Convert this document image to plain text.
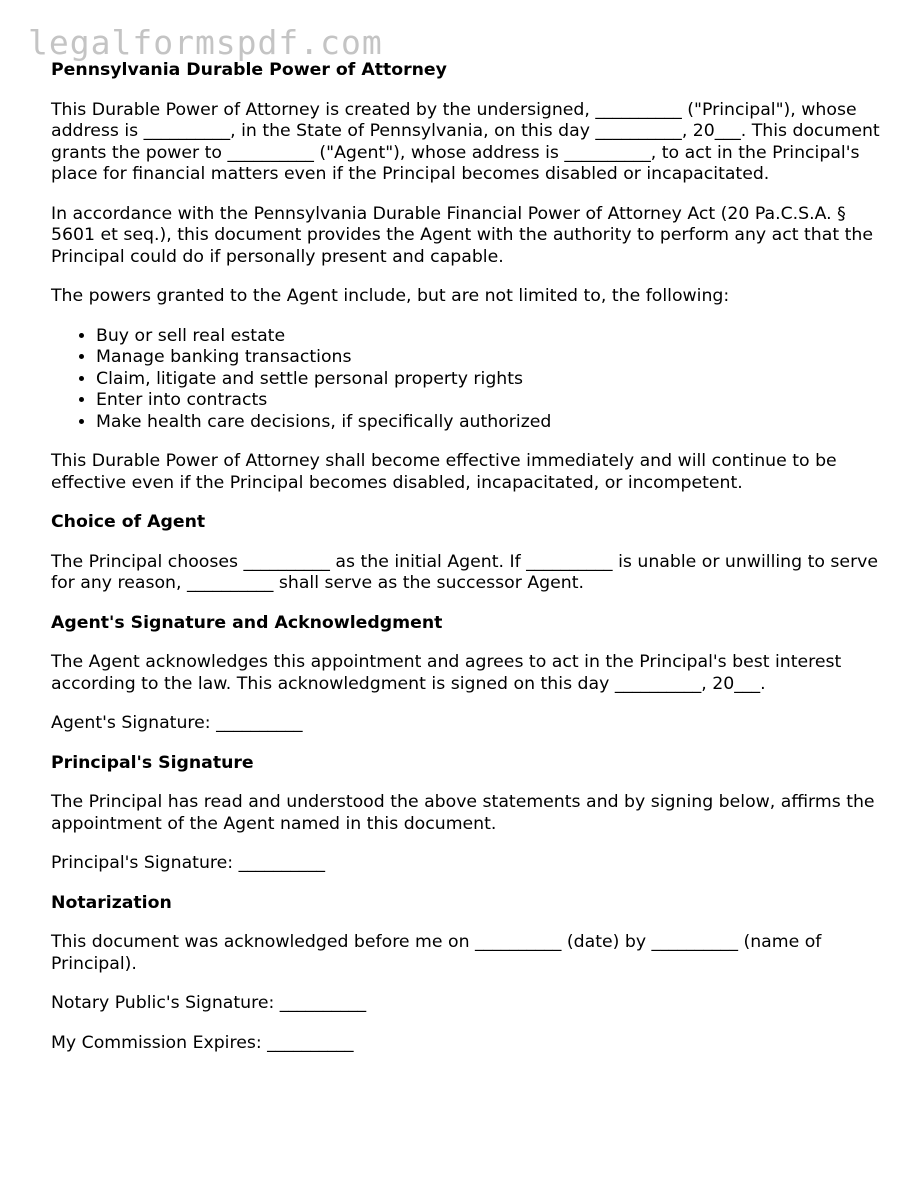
legalformspdf.com
Pennsylvania Durable Power of Attorney

This Durable Power of Attorney is created by the undersigned, __________ ("Principal"), whose address is __________, in the State of Pennsylvania, on this day __________, 20___. This document grants the power to __________ ("Agent"), whose address is __________, to act in the Principal's place for financial matters even if the Principal becomes disabled or incapacitated.

In accordance with the Pennsylvania Durable Financial Power of Attorney Act (20 Pa.C.S.A. § 5601 et seq.), this document provides the Agent with the authority to perform any act that the Principal could do if personally present and capable.

The powers granted to the Agent include, but are not limited to, the following:

• Buy or sell real estate
• Manage banking transactions
• Claim, litigate and settle personal property rights
• Enter into contracts
• Make health care decisions, if specifically authorized

This Durable Power of Attorney shall become effective immediately and will continue to be effective even if the Principal becomes disabled, incapacitated, or incompetent.

Choice of Agent

The Principal chooses __________ as the initial Agent. If __________ is unable or unwilling to serve for any reason, __________ shall serve as the successor Agent.

Agent's Signature and Acknowledgment

The Agent acknowledges this appointment and agrees to act in the Principal's best interest according to the law. This acknowledgment is signed on this day __________, 20___.

Agent's Signature: __________

Principal's Signature

The Principal has read and understood the above statements and by signing below, affirms the appointment of the Agent named in this document.

Principal's Signature: __________

Notarization

This document was acknowledged before me on __________ (date) by __________ (name of Principal).

Notary Public's Signature: __________

My Commission Expires: __________
